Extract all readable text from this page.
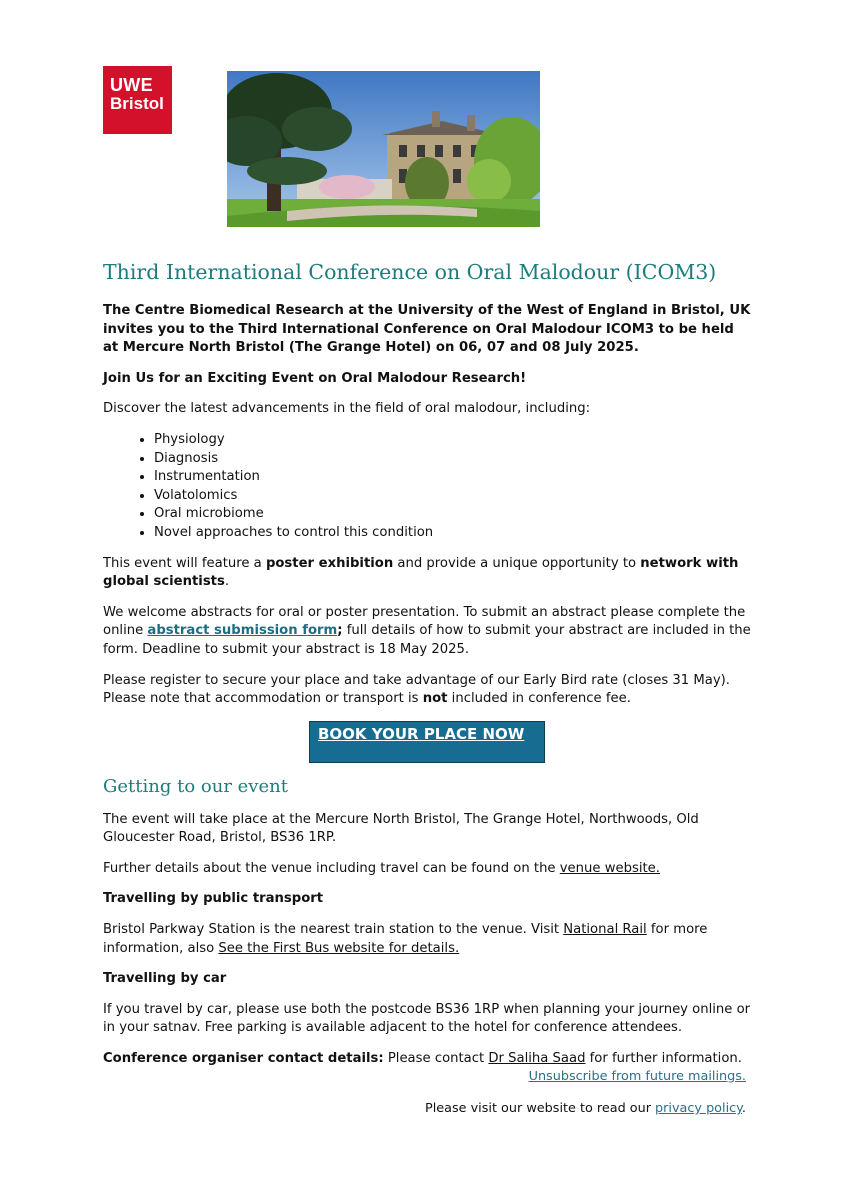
UWE
Bristol
Third International Conference on Oral Malodour (ICOM3)

The Centre Biomedical Research at the University of the West of England in Bristol, UK invites you to the Third International Conference on Oral Malodour ICOM3 to be held at Mercure North Bristol (The Grange Hotel) on 06, 07 and 08 July 2025.

Join Us for an Exciting Event on Oral Malodour Research!

Discover the latest advancements in the field of oral malodour, including:

• Physiology
• Diagnosis
• Instrumentation
• Volatolomics
• Oral microbiome
• Novel approaches to control this condition

This event will feature a poster exhibition and provide a unique opportunity to network with global scientists.

We welcome abstracts for oral or poster presentation. To submit an abstract please complete the online abstract submission form; full details of how to submit your abstract are included in the form. Deadline to submit your abstract is 18 May 2025.

Please register to secure your place and take advantage of our Early Bird rate (closes 31 May). Please note that accommodation or transport is not included in conference fee.

BOOK YOUR PLACE NOW
Getting to our event

The event will take place at the Mercure North Bristol, The Grange Hotel, Northwoods, Old Gloucester Road, Bristol, BS36 1RP.

Further details about the venue including travel can be found on the venue website.

Travelling by public transport

Bristol Parkway Station is the nearest train station to the venue. Visit National Rail for more information, also See the First Bus website for details.

Travelling by car

If you travel by car, please use both the postcode BS36 1RP when planning your journey online or in your satnav. Free parking is available adjacent to the hotel for conference attendees.

Conference organiser contact details: Please contact Dr Saliha Saad for further information.

Unsubscribe from future mailings.
Please visit our website to read our privacy policy.
